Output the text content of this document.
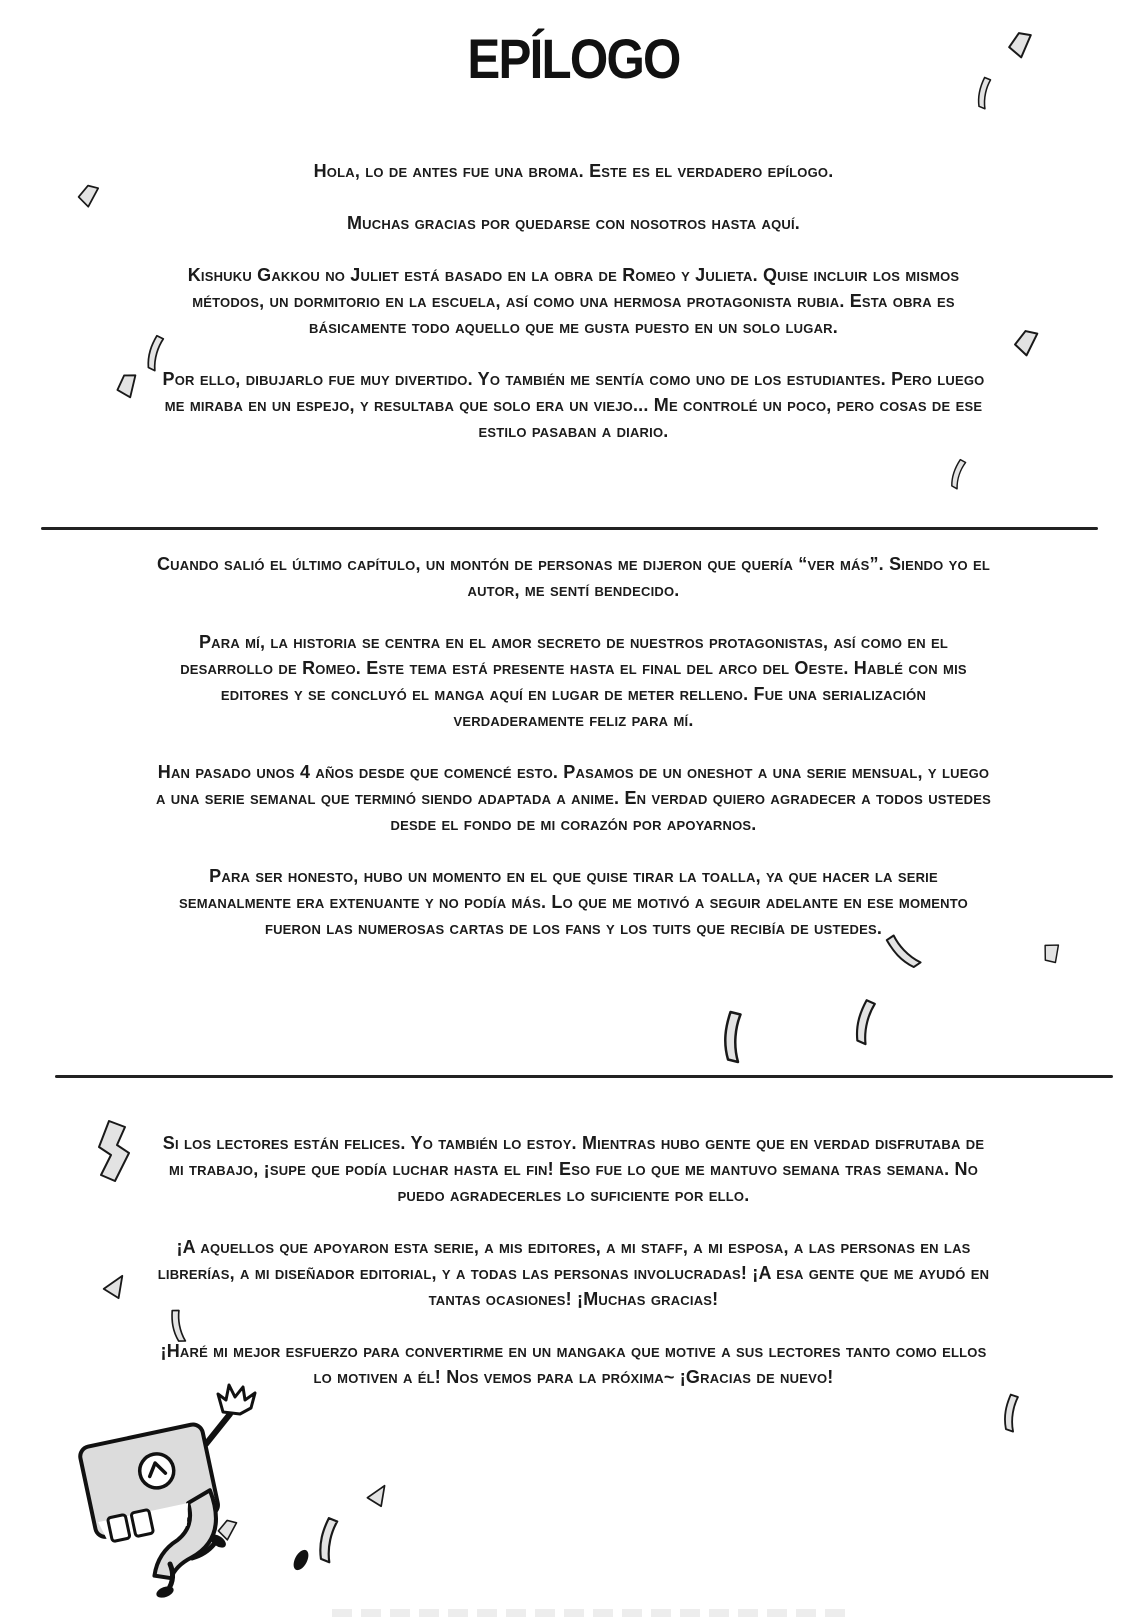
EPÍLOGO

Hola, lo de antes fue una broma. Este es el verdadero epílogo.

Muchas gracias por quedarse con nosotros hasta aquí.

Kishuku Gakkou no Juliet está basado en la obra de Romeo y Julieta. Quise incluir los mismos métodos, un dormitorio en la escuela, así como una hermosa protagonista rubia. Esta obra es básicamente todo aquello que me gusta puesto en un solo lugar.

Por ello, dibujarlo fue muy divertido. Yo también me sentía como uno de los estudiantes. Pero luego me miraba en un espejo, y resultaba que solo era un viejo... Me controlé un poco, pero cosas de ese estilo pasaban a diario.

Cuando salió el último capítulo, un montón de personas me dijeron que quería “ver más”. Siendo yo el autor, me sentí bendecido.

Para mí, la historia se centra en el amor secreto de nuestros protagonistas, así como en el desarrollo de Romeo. Este tema está presente hasta el final del arco del Oeste. Hablé con mis editores y se concluyó el manga aquí en lugar de meter relleno. Fue una serialización verdaderamente feliz para mí.

Han pasado unos 4 años desde que comencé esto. Pasamos de un oneshot a una serie mensual, y luego a una serie semanal que terminó siendo adaptada a anime. En verdad quiero agradecer a todos ustedes desde el fondo de mi corazón por apoyarnos.

Para ser honesto, hubo un momento en el que quise tirar la toalla, ya que hacer la serie semanalmente era extenuante y no podía más. Lo que me motivó a seguir adelante en ese momento fueron las numerosas cartas de los fans y los tuits que recibía de ustedes.

Si los lectores están felices. Yo también lo estoy. Mientras hubo gente que en verdad disfrutaba de mi trabajo, ¡supe que podía luchar hasta el fin! Eso fue lo que me mantuvo semana tras semana. No puedo agradecerles lo suficiente por ello.

¡A aquellos que apoyaron esta serie, a mis editores, a mi staff, a mi esposa, a las personas en las librerías, a mi diseñador editorial, y a todas las personas involucradas! ¡A esa gente que me ayudó en tantas ocasiones! ¡Muchas gracias!

¡Haré mi mejor esfuerzo para convertirme en un mangaka que motive a sus lectores tanto como ellos lo motiven a él! Nos vemos para la próxima~ ¡Gracias de nuevo!
